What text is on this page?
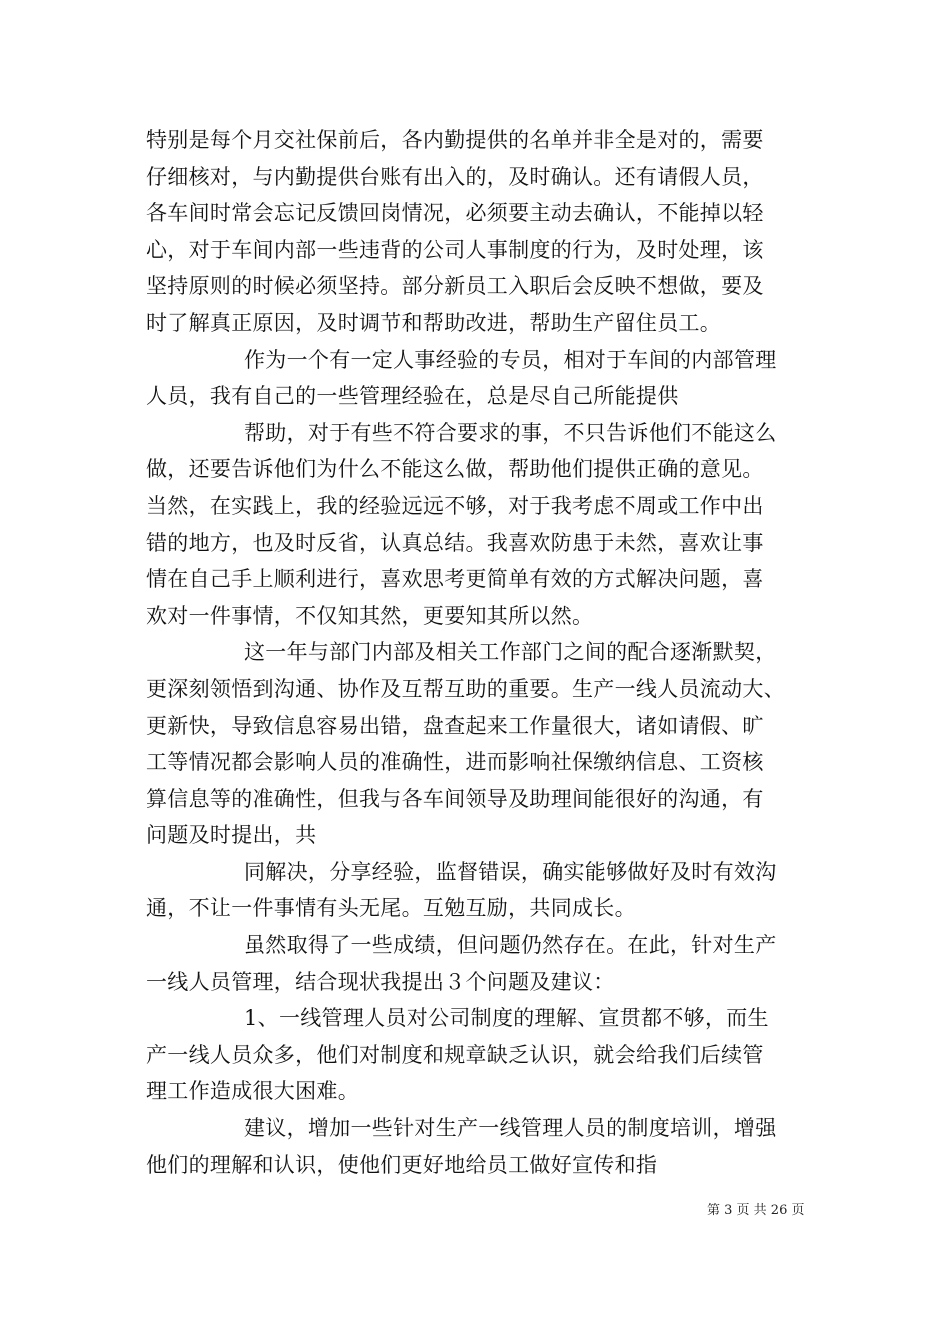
特别是每个月交社保前后，各内勤提供的名单并非全是对的，需要
仔细核对，与内勤提供台账有出入的，及时确认。还有请假人员，
各车间时常会忘记反馈回岗情况，必须要主动去确认，不能掉以轻
心，对于车间内部一些违背的公司人事制度的行为，及时处理，该
坚持原则的时候必须坚持。部分新员工入职后会反映不想做，要及
时了解真正原因，及时调节和帮助改进，帮助生产留住员工。
作为一个有一定人事经验的专员，相对于车间的内部管理
人员，我有自己的一些管理经验在，总是尽自己所能提供
帮助，对于有些不符合要求的事，不只告诉他们不能这么
做，还要告诉他们为什么不能这么做，帮助他们提供正确的意见。
当然，在实践上，我的经验远远不够，对于我考虑不周或工作中出
错的地方，也及时反省，认真总结。我喜欢防患于未然，喜欢让事
情在自己手上顺利进行，喜欢思考更简单有效的方式解决问题，喜
欢对一件事情，不仅知其然，更要知其所以然。
这一年与部门内部及相关工作部门之间的配合逐渐默契，
更深刻领悟到沟通、协作及互帮互助的重要。生产一线人员流动大、
更新快，导致信息容易出错，盘查起来工作量很大，诸如请假、旷
工等情况都会影响人员的准确性，进而影响社保缴纳信息、工资核
算信息等的准确性，但我与各车间领导及助理间能很好的沟通，有
问题及时提出，共
同解决，分享经验，监督错误，确实能够做好及时有效沟
通，不让一件事情有头无尾。互勉互励，共同成长。
虽然取得了一些成绩，但问题仍然存在。在此，针对生产
一线人员管理，结合现状我提出３个问题及建议：
1、一线管理人员对公司制度的理解、宣贯都不够，而生
产一线人员众多，他们对制度和规章缺乏认识，就会给我们后续管
理工作造成很大困难。
建议，增加一些针对生产一线管理人员的制度培训，增强
他们的理解和认识，使他们更好地给员工做好宣传和指
第 3 页 共 26 页
